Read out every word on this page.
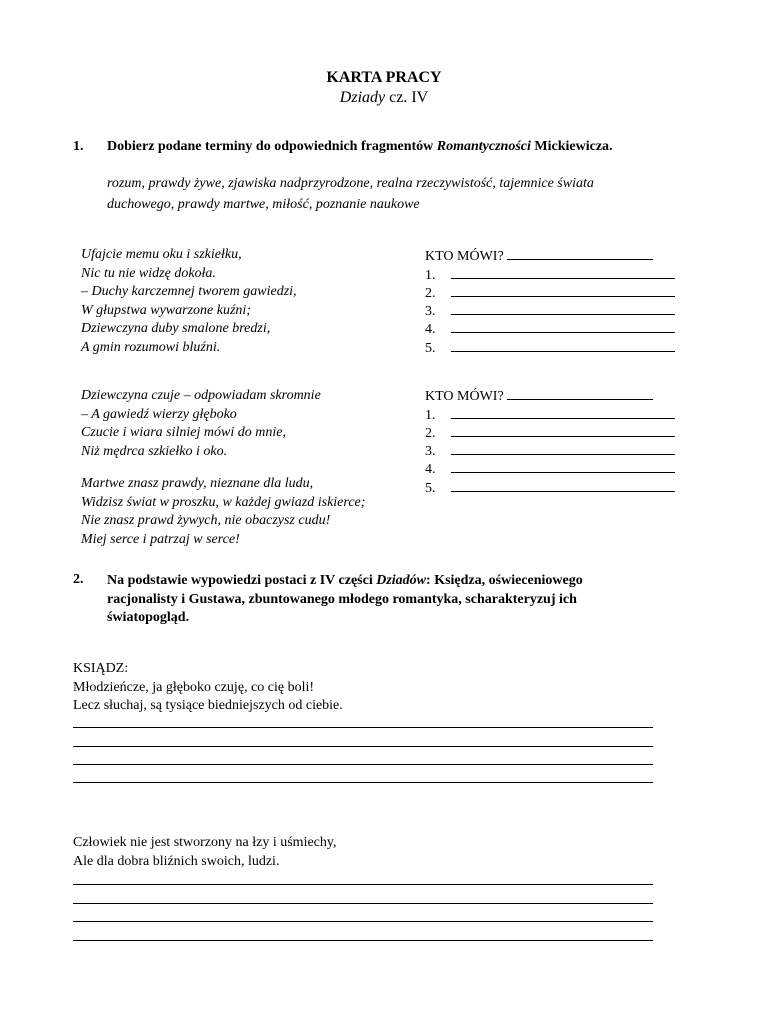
KARTA PRACY
Dziady cz. IV
1. Dobierz podane terminy do odpowiednich fragmentów Romantyczności Mickiewicza.
rozum, prawdy żywe, zjawiska nadprzyrodzone, realna rzeczywistość, tajemnice świata
duchowego, prawdy martwe, miłość, poznanie naukowe
Ufajcie memu oku i szkiełku,
Nic tu nie widzę dokoła.
– Duchy karczemnej tworem gawiedzi,
W głupstwa wywarzone kuźni;
Dziewczyna duby smalone bredzi,
A gmin rozumowi bluźni.
KTO MÓWI?
1.
2.
3.
4.
5.
Dziewczyna czuje – odpowiadam skromnie
– A gawiedź wierzy głęboko
Czucie i wiara silniej mówi do mnie,
Niż mędrca szkiełko i oko.
KTO MÓWI?
1.
2.
3.
4.
5.
Martwe znasz prawdy, nieznane dla ludu,
Widzisz świat w proszku, w każdej gwiazd iskierce;
Nie znasz prawd żywych, nie obaczysz cudu!
Miej serce i patrzaj w serce!
2. Na podstawie wypowiedzi postaci z IV części Dziadów: Księdza, oświeceniowego
racjonalisty i Gustawa, zbuntowanego młodego romantyka, scharakteryzuj ich
światopogląd.
KSIĄDZ:
Młodzieńcze, ja głęboko czuję, co cię boli!
Lecz słuchaj, są tysiące biedniejszych od ciebie.
Człowiek nie jest stworzony na łzy i uśmiechy,
Ale dla dobra bliźnich swoich, ludzi.
